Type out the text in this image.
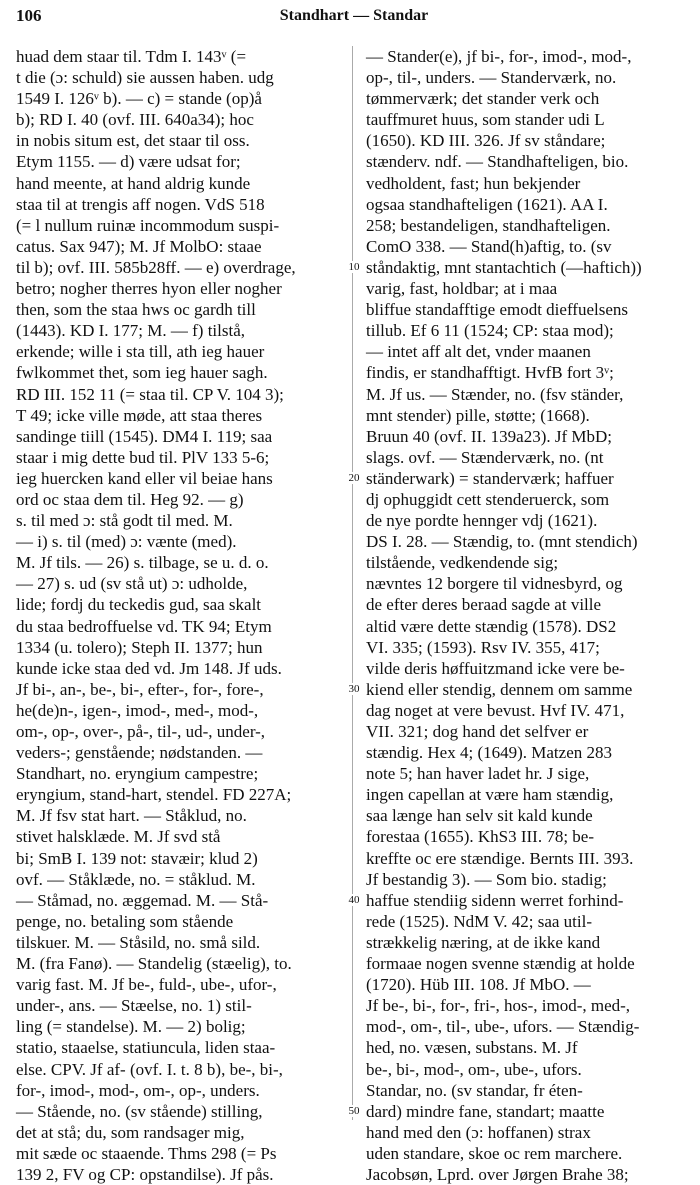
106	Standhart — Standar
huad dem staar til. Tdm I. 143ᵛ (=
t die (ɔ: schuld) sie aussen haben. udg
1549 I. 126ᵛ b). — c) = stande (op)å
b); RD I. 40 (ovf. III. 640a34); hoc
in nobis situm est, det staar til oss.
Etym 1155. — d) være udsat for;
hand meente, at hand aldrig kunde
staa til at trengis aff nogen. VdS 518
(= l nullum ruinæ incommodum suspi-
catus. Sax 947); M. Jf MolbO: staae
til b); ovf. III. 585b28ff. — e) overdrage,
betro; nogher therres hyon eller nogher
then, som the staa hws oc gardh till
(1443). KD I. 177; M. — f) tilstå,
erkende; wille i sta till, ath ieg hauer
fwlkommet thet, som ieg hauer sagh.
RD III. 152 11 (= staa til. CP V. 104 3);
T 49; icke ville møde, att staa theres
sandinge tiill (1545). DM4 I. 119; saa
staar i mig dette bud til. PlV 133 5-6;
ieg huercken kand eller vil beiae hans
ord oc staa dem til. Heg 92. — g)
s. til med ɔ: stå godt til med. M.
— i) s. til (med) ɔ: vænte (med).
M. Jf tils. — 26) s. tilbage, se u. d. o.
— 27) s. ud (sv stå ut) ɔ: udholde,
lide; fordj du teckedis gud, saa skalt
du staa bedroffuelse vd. TK 94; Etym
1334 (u. tolero); Steph II. 1377; hun
kunde icke staa ded vd. Jm 148. Jf uds.
Jf bi-, an-, be-, bi-, efter-, for-, fore-,
he(de)n-, igen-, imod-, med-, mod-,
om-, op-, over-, på-, til-, ud-, under-,
veders-; genstående; nødstanden. —
Standhart, no. eryngium campestre;
eryngium, stand-hart, stendel. FD 227A;
M. Jf fsv stat hart. — Ståklud, no.
stivet halsklæde. M. Jf svd stå
bi; SmB I. 139 not: stavæir; klud 2)
ovf. — Ståklæde, no. = ståklud. M.
— Ståmad, no. æggemad. M. — Stå-
penge, no. betaling som stående
tilskuer. M. — Ståsild, no. små sild.
M. (fra Fanø). — Standelig (stæelig), to.
varig fast. M. Jf be-, fuld-, ube-, ufor-,
under-, ans. — Stæelse, no. 1) stil-
ling (= standelse). M. — 2) bolig;
statio, staaelse, statiuncula, liden staa-
else. CPV. Jf af- (ovf. I. t. 8 b), be-, bi-,
for-, imod-, mod-, om-, op-, unders.
— Stående, no. (sv stående) stilling,
det at stå; du, som randsager mig,
mit sæde oc staaende. Thms 298 (= Ps
139 2, FV og CP: opstandilse). Jf pås.
10
20
30
40
50
— Stander(e), jf bi-, for-, imod-, mod-,
op-, til-, unders. — Standerværk, no.
tømmerværk; det stander verk och
tauffmuret huus, som stander udi L
(1650). KD III. 326. Jf sv ståndare;
stænderv. ndf. — Standhafteligen, bio.
vedholdent, fast; hun bekjender
ogsaa standhafteligen (1621). AA I.
258; bestandeligen, standhafteligen.
ComO 338. — Stand(h)aftig, to. (sv
ståndaktig, mnt stantachtich (—haftich))
varig, fast, holdbar; at i maa
bliffue standafftige emodt dieffuelsens
tillub. Ef 6 11 (1524; CP: staa mod);
— intet aff alt det, vnder maanen
findis, er standhafftigt. HvfB fort 3ᵛ;
M. Jf us. — Stænder, no. (fsv ständer,
mnt stender) pille, støtte; (1668).
Bruun 40 (ovf. II. 139a23). Jf MbD;
slags. ovf. — Stænderværk, no. (nt
ständerwark) = standerværk; haffuer
dj ophuggidt cett stenderuerck, som
de nye pordte hennger vdj (1621).
DS I. 28. — Stændig, to. (mnt stendich)
tilstående, vedkendende sig;
nævntes 12 borgere til vidnesbyrd, og
de efter deres beraad sagde at ville
altid være dette stændig (1578). DS2
VI. 335; (1593). Rsv IV. 355, 417;
vilde deris høffuitzmand icke vere be-
kiend eller stendig, dennem om samme
dag noget at vere bevust. Hvf IV. 471,
VII. 321; dog hand det selfver er
stændig. Hex 4; (1649). Matzen 283
note 5; han haver ladet hr. J sige,
ingen capellan at være ham stændig,
saa længe han selv sit kald kunde
forestaa (1655). KhS3 III. 78; be-
kreffte oc ere stændige. Bernts III. 393.
Jf bestandig 3). — Som bio. stadig;
haffue stendiig sidenn werret forhind-
rede (1525). NdM V. 42; saa util-
strækkelig næring, at de ikke kand
formaae nogen svenne stændig at holde
(1720). Hüb III. 108. Jf MbO. —
Jf be-, bi-, for-, fri-, hos-, imod-, med-,
mod-, om-, til-, ube-, ufors. — Stændig-
hed, no. væsen, substans. M. Jf
be-, bi-, mod-, om-, ube-, ufors.
Standar, no. (sv standar, fr éten-
dard) mindre fane, standart; maatte
hand med den (ɔ: hoffanen) strax
uden standare, skoe oc rem marchere.
Jacobsøn, Lprd. over Jørgen Brahe 38;
